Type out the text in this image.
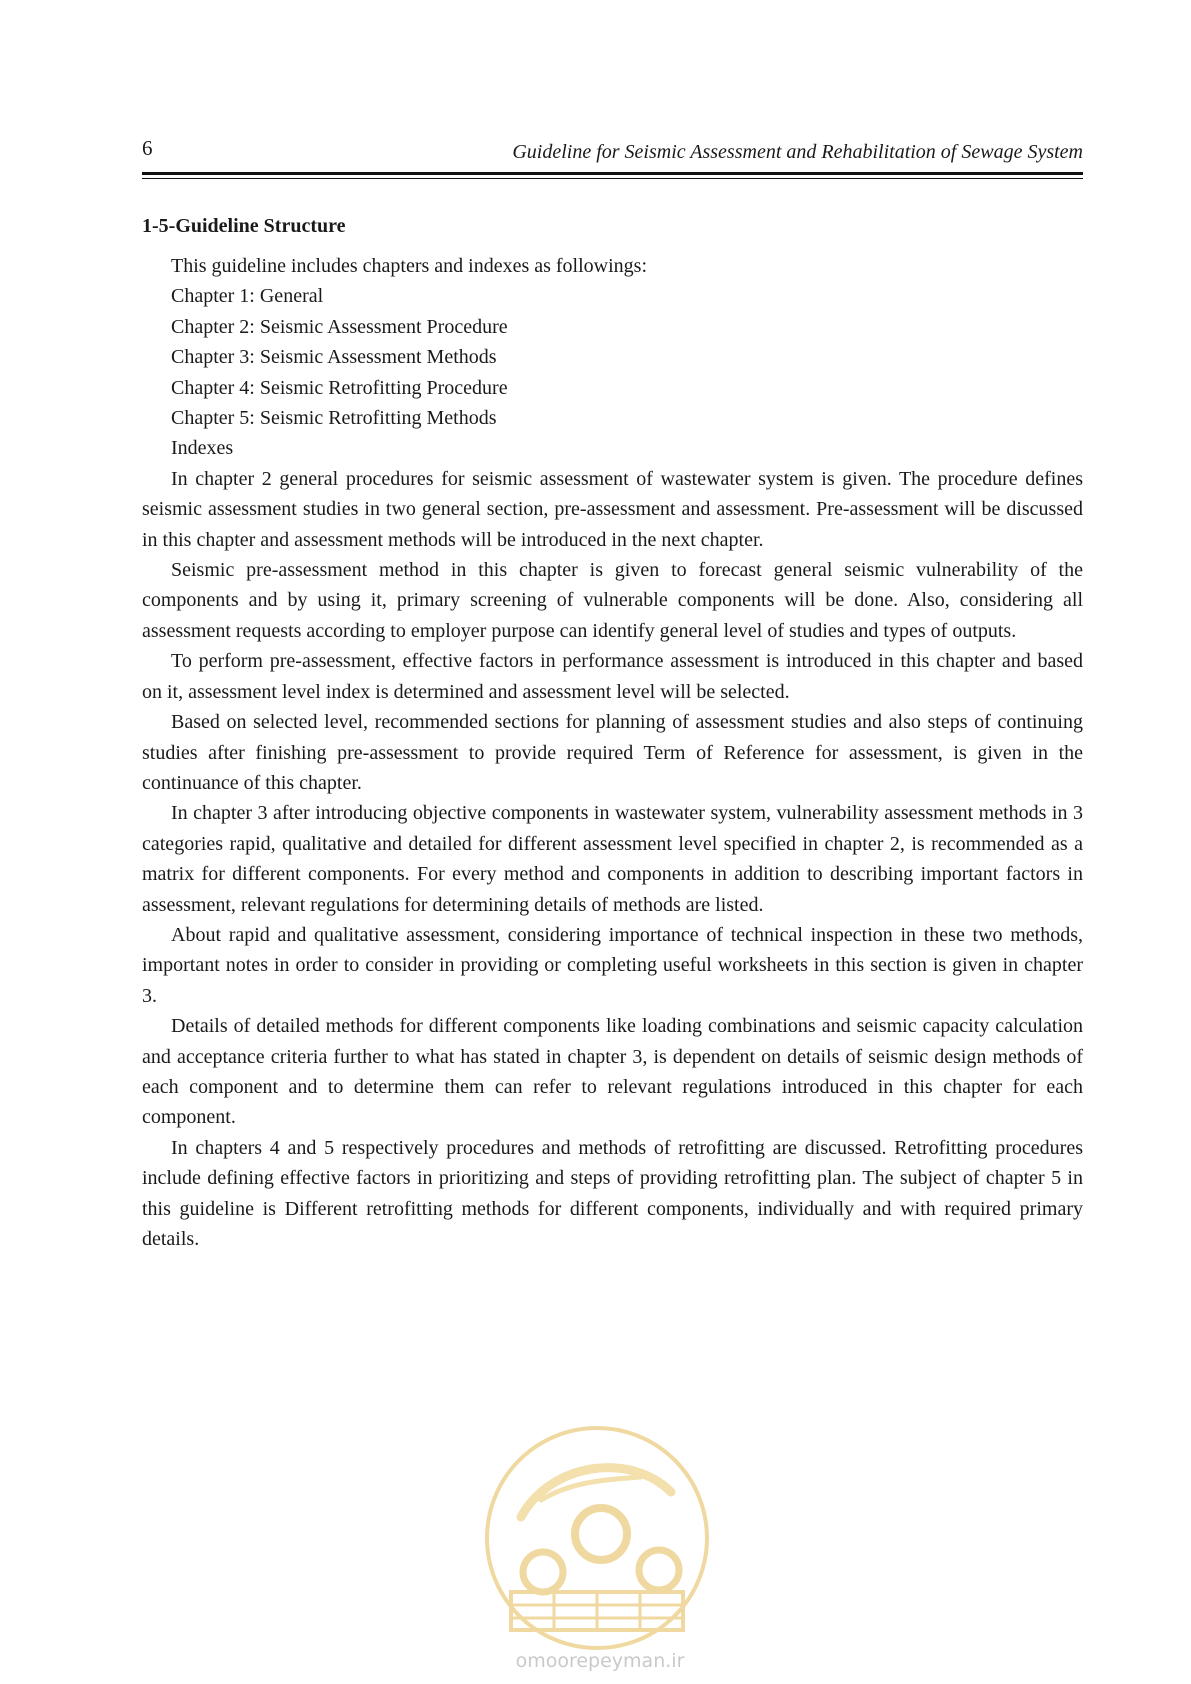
6	Guideline for Seismic Assessment and Rehabilitation of Sewage System
1-5-Guideline Structure

This guideline includes chapters and indexes as followings:

Chapter 1: General

Chapter 2: Seismic Assessment Procedure

Chapter 3: Seismic Assessment Methods

Chapter 4: Seismic Retrofitting Procedure

Chapter 5: Seismic Retrofitting Methods

Indexes

In chapter 2 general procedures for seismic assessment of wastewater system is given. The procedure defines seismic assessment studies in two general section, pre-assessment and assessment. Pre-assessment will be discussed in this chapter and assessment methods will be introduced in the next chapter.

Seismic pre-assessment method in this chapter is given to forecast general seismic vulnerability of the components and by using it, primary screening of vulnerable components will be done. Also, considering all assessment requests according to employer purpose can identify general level of studies and types of outputs.

To perform pre-assessment, effective factors in performance assessment is introduced in this chapter and based on it, assessment level index is determined and assessment level will be selected.

Based on selected level, recommended sections for planning of assessment studies and also steps of continuing studies after finishing pre-assessment to provide required Term of Reference for assessment, is given in the continuance of this chapter.

In chapter 3 after introducing objective components in wastewater system, vulnerability assessment methods in 3 categories rapid, qualitative and detailed for different assessment level specified in chapter 2, is recommended as a matrix for different components. For every method and components in addition to describing important factors in assessment, relevant regulations for determining details of methods are listed.

About rapid and qualitative assessment, considering importance of technical inspection in these two methods, important notes in order to consider in providing or completing useful worksheets in this section is given in chapter 3.

Details of detailed methods for different components like loading combinations and seismic capacity calculation and acceptance criteria further to what has stated in chapter 3, is dependent on details of seismic design methods of each component and to determine them can refer to relevant regulations introduced in this chapter for each component.

In chapters 4 and 5 respectively procedures and methods of retrofitting are discussed. Retrofitting procedures include defining effective factors in prioritizing and steps of providing retrofitting plan. The subject of chapter 5 in this guideline is Different retrofitting methods for different components, individually and with required primary details.

omoorepeyman.ir
